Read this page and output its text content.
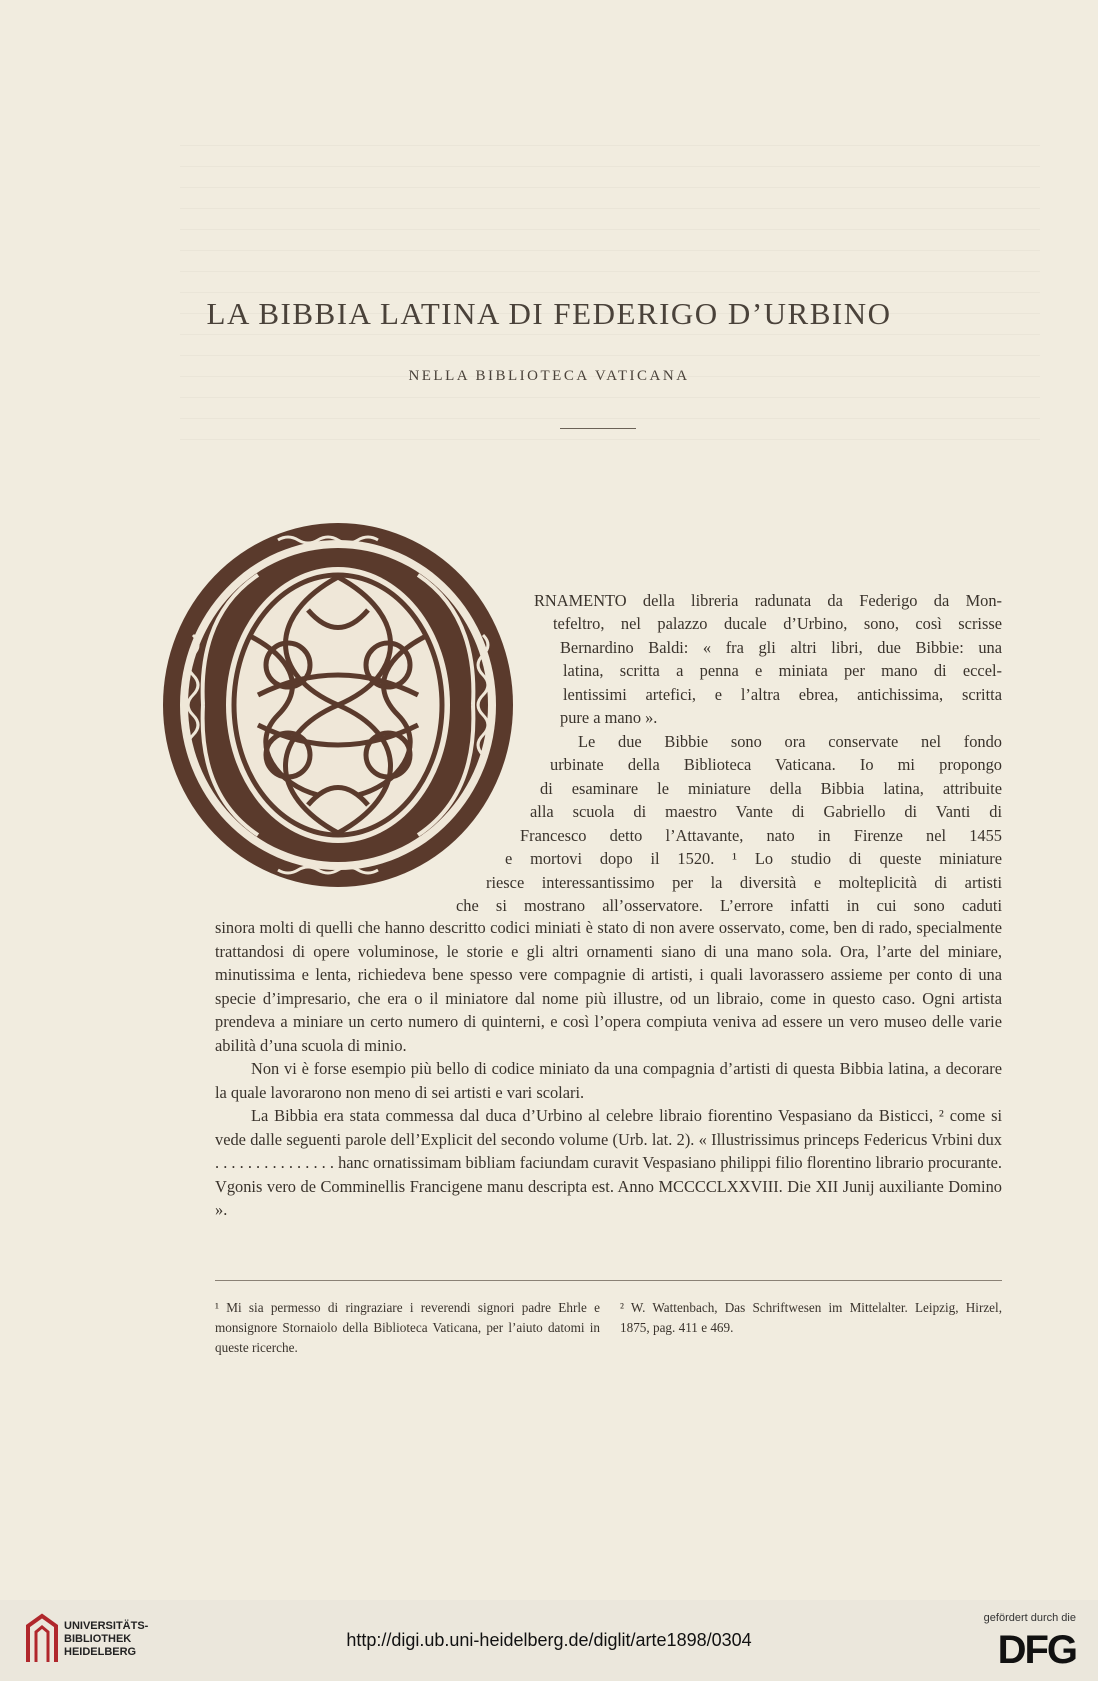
LA BIBBIA LATINA DI FEDERIGO D’URBINO
NELLA BIBLIOTECA VATICANA
RNAMENTO della libreria radunata da Federigo da Mon-
tefeltro, nel palazzo ducale d’Urbino, sono, così scrisse
Bernardino Baldi: « fra gli altri libri, due Bibbie: una
latina, scritta a penna e miniata per mano di eccel-
lentissimi artefici, e l’altra ebrea, antichissima, scritta
pure a mano ».
Le due Bibbie sono ora conservate nel fondo
urbinate della Biblioteca Vaticana. Io mi propongo
di esaminare le miniature della Bibbia latina, attribuite
alla scuola di maestro Vante di Gabriello di Vanti di
Francesco detto l’Attavante, nato in Firenze nel 1455
e mortovi dopo il 1520. ¹ Lo studio di queste miniature
riesce interessantissimo per la diversità e molteplicità di artisti
che si mostrano all’osservatore. L’errore infatti in cui sono caduti

sinora molti di quelli che hanno descritto codici miniati è stato di non avere osservato, come, ben di rado, specialmente trattandosi di opere voluminose, le storie e gli altri ornamenti siano di una mano sola. Ora, l’arte del miniare, minutissima e lenta, richiedeva bene spesso vere compagnie di artisti, i quali lavorassero assieme per conto di una specie d’impresario, che era o il miniatore dal nome più illustre, od un libraio, come in questo caso. Ogni artista prendeva a miniare un certo numero di quinterni, e così l’opera compiuta veniva ad essere un vero museo delle varie abilità d’una scuola di minio.

Non vi è forse esempio più bello di codice miniato da una compagnia d’artisti di questa Bibbia latina, a decorare la quale lavorarono non meno di sei artisti e vari scolari.

La Bibbia era stata commessa dal duca d’Urbino al celebre libraio fiorentino Vespasiano da Bisticci, ² come si vede dalle seguenti parole dell’Explicit del secondo volume (Urb. lat. 2). « Illustrissimus princeps Federicus Vrbini dux . . . . . . . . . . . . . . . hanc ornatissimam bibliam faciundam curavit Vespasiano philippi filio florentino librario procurante. Vgonis vero de Comminellis Francigene manu descripta est. Anno MCCCCLXXVIII. Die XII Junij auxiliante Domino ».

¹ Mi sia permesso di ringraziare i reverendi signori padre Ehrle e monsignore Stornaiolo della Biblioteca Vaticana, per l’aiuto datomi in queste ricerche.
² W. Wattenbach, Das Schriftwesen im Mittelalter. Leipzig, Hirzel, 1875, pag. 411 e 469.
UNIVERSITÄTS-
BIBLIOTHEK
HEIDELBERG
http://digi.ub.uni-heidelberg.de/diglit/arte1898/0304
gefördert durch die
DFG
